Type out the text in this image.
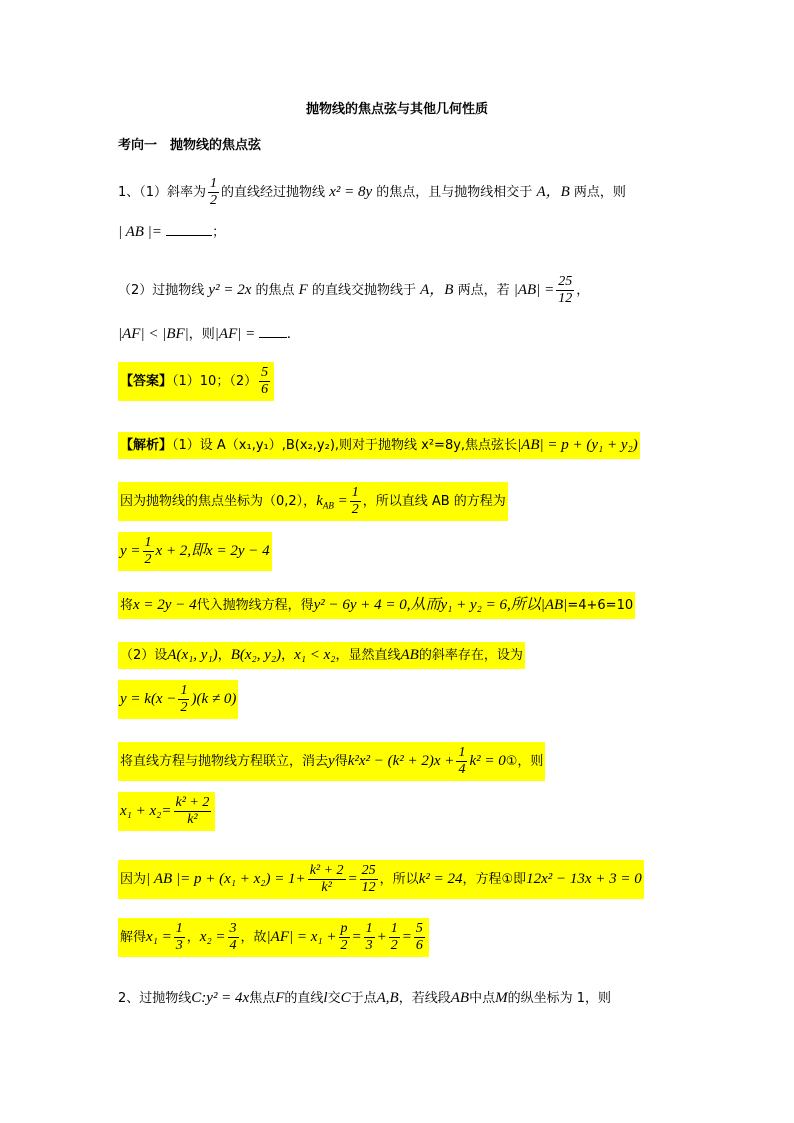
抛物线的焦点弦与其他几何性质
考向一　抛物线的焦点弦
1、（1）斜率为 $\frac{1}{2}$ 的直线经过抛物线 x² = 8y 的焦点，且与抛物线相交于 A，B 两点，则
| AB |=	；
（2）过抛物线 y² = 2x 的焦点 F 的直线交抛物线于 A，B 两点，若 $|AB| = \frac{25}{12}$ ，
|AF| < |BF|，则|AF| = .
【答案】（1）10；$(2) \frac{5}{6}$
【解析】（1）设 A（x₁,y₁）,B(x₂,y₂),则对于抛物线 x²=8y,焦点弦长|AB| = p + (y₁ + y₂)
因为抛物线的焦点坐标为（0,2），$k_{AB} = \frac{1}{2}$ ，所以直线 AB 的方程为
$y = \frac{1}{2}$ x + 2,即x = 2y − 4
将x = 2y − 4代入抛物线方程，得y² − 6y + 4 = 0,从而y₁ + y₂ = 6,所以|AB|=4+6=10
（2）设A(x₁, y₁)，B(x₂, y₂)，x₁ < x₂，显然直线AB的斜率存在，设为
$y = k(x - \frac{1}{2} )(k \ne 0)$
将直线方程与抛物线方程联立，消去y得$k^2x^2 - (k^2 + 2)x + \frac{1}{4} k^2$ = 0①，则
$x_1 + x_2= \frac{\text{k² + 2}}{\text{k²}}$
因为| AB |= $p + (x_1 + x_2) = 1+ \frac{\text{k² + 2}}{\text{k²}} = \frac{25}{12}$ ，所以k² = 24，方程①即12x² − 13x + 3 = 0
解得$x_1 = \frac{1}{3}$ ，$x_2 = \frac{3}{4}$ ，故$|AF| = x_1 + \frac{p}{2} = \frac{1}{3} + \frac{1}{2} = \frac{5}{6}$
2、过抛物线C:y² = 4x焦点F的直线l交C于点A,B，若线段AB中点M的纵坐标为 1，则
